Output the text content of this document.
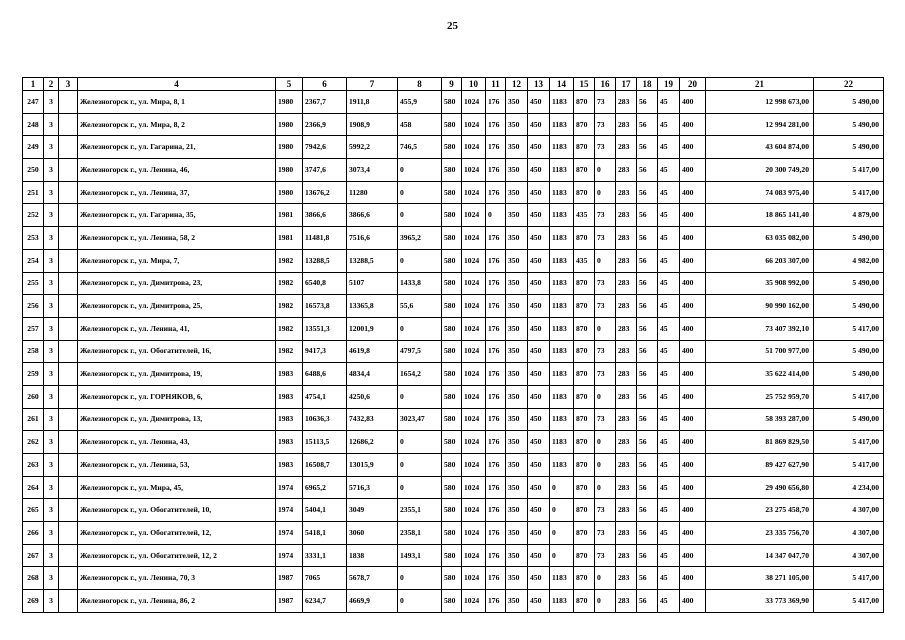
25
1	2	3	4	5	6	7	8	9	10	11	12	13	14	15	16	17	18	19	20	21	22
247	3		Железногорск г., ул. Мира, 8, 1	1980	2367,7	1911,8	455,9	580	1024	176	350	450	1183	870	73	283	56	45	400	12 998 673,00	5 490,00
248	3		Железногорск г., ул. Мира, 8, 2	1980	2366,9	1908,9	458	580	1024	176	350	450	1183	870	73	283	56	45	400	12 994 281,00	5 490,00
249	3		Железногорск г., ул. Гагарина, 21,	1980	7942,6	5992,2	746,5	580	1024	176	350	450	1183	870	73	283	56	45	400	43 604 874,00	5 490,00
250	3		Железногорск г., ул. Ленина, 46,	1980	3747,6	3073,4	0	580	1024	176	350	450	1183	870	0	283	56	45	400	20 300 749,20	5 417,00
251	3		Железногорск г., ул. Ленина, 37,	1980	13676,2	11280	0	580	1024	176	350	450	1183	870	0	283	56	45	400	74 083 975,40	5 417,00
252	3		Железногорск г., ул. Гагарина, 35,	1981	3866,6	3866,6	0	580	1024	0	350	450	1183	435	73	283	56	45	400	18 865 141,40	4 879,00
253	3		Железногорск г., ул. Ленина, 58, 2	1981	11481,8	7516,6	3965,2	580	1024	176	350	450	1183	870	73	283	56	45	400	63 035 082,00	5 490,00
254	3		Железногорск г., ул. Мира, 7,	1982	13288,5	13288,5	0	580	1024	176	350	450	1183	435	0	283	56	45	400	66 203 307,00	4 982,00
255	3		Железногорск г., ул. Димитрова, 23,	1982	6540,8	5107	1433,8	580	1024	176	350	450	1183	870	73	283	56	45	400	35 908 992,00	5 490,00
256	3		Железногорск г., ул. Димитрова, 25,	1982	16573,8	13365,8	55,6	580	1024	176	350	450	1183	870	73	283	56	45	400	90 990 162,00	5 490,00
257	3		Железногорск г., ул. Ленина, 41,	1982	13551,3	12001,9	0	580	1024	176	350	450	1183	870	0	283	56	45	400	73 407 392,10	5 417,00
258	3		Железногорск г., ул. Обогатителей, 16,	1982	9417,3	4619,8	4797,5	580	1024	176	350	450	1183	870	73	283	56	45	400	51 700 977,00	5 490,00
259	3		Железногорск г., ул. Димитрова, 19,	1983	6488,6	4834,4	1654,2	580	1024	176	350	450	1183	870	73	283	56	45	400	35 622 414,00	5 490,00
260	3		Железногорск г., ул. ГОРНЯКОВ, 6,	1983	4754,1	4250,6	0	580	1024	176	350	450	1183	870	0	283	56	45	400	25 752 959,70	5 417,00
261	3		Железногорск г., ул. Димитрова, 13,	1983	10636,3	7432,83	3023,47	580	1024	176	350	450	1183	870	73	283	56	45	400	58 393 287,00	5 490,00
262	3		Железногорск г., ул. Ленина, 43,	1983	15113,5	12686,2	0	580	1024	176	350	450	1183	870	0	283	56	45	400	81 869 829,50	5 417,00
263	3		Железногорск г., ул. Ленина, 53,	1983	16508,7	13015,9	0	580	1024	176	350	450	1183	870	0	283	56	45	400	89 427 627,90	5 417,00
264	3		Железногорск г., ул. Мира, 45,	1974	6965,2	5716,3	0	580	1024	176	350	450	0	870	0	283	56	45	400	29 490 656,80	4 234,00
265	3		Железногорск г., ул. Обогатителей, 10,	1974	5404,1	3049	2355,1	580	1024	176	350	450	0	870	73	283	56	45	400	23 275 458,70	4 307,00
266	3		Железногорск г., ул. Обогатителей, 12,	1974	5418,1	3060	2358,1	580	1024	176	350	450	0	870	73	283	56	45	400	23 335 756,70	4 307,00
267	3		Железногорск г., ул. Обогатителей, 12, 2	1974	3331,1	1838	1493,1	580	1024	176	350	450	0	870	73	283	56	45	400	14 347 047,70	4 307,00
268	3		Железногорск г., ул. Ленина, 70, 3	1987	7065	5678,7	0	580	1024	176	350	450	1183	870	0	283	56	45	400	38 271 105,00	5 417,00
269	3		Железногорск г., ул. Ленина, 86, 2	1987	6234,7	4669,9	0	580	1024	176	350	450	1183	870	0	283	56	45	400	33 773 369,90	5 417,00
